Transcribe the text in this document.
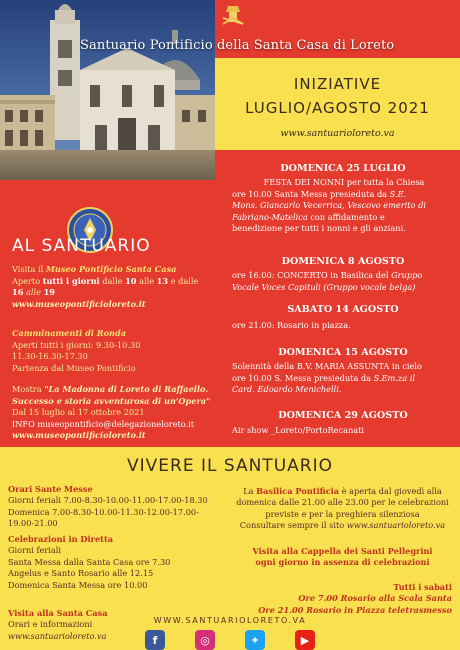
Santuario Pontificio della Santa Casa di Loreto
INIZIATIVE
LUGLIO/AGOSTO 2021
www.santuarioloreto.va
AL SANTUARIO
Visita il Museo Pontificio Santa Casa
Aperto tutti i giorni dalle 10 alle 13 e dalle
16 alle 19
www.museopontificioloreto.it
Camminamenti di Ronda
Aperti tutti i giorni: 9.30-10.30
11.30-16.30-17.30
Partenza dal Museo Pontificio
Mostra "La Madonna di Loreto di Raffaello. Successo e storia avventurosa di un'Opera"
Dal 15 luglio al 17 ottobre 2021
INFO museopontificio@delegazioneloreto.it
www.museopontificioloreto.it
DOMENICA 25 LUGLIO
FESTA DEI NONNI per tutta la Chiesa
ore 10.00 Santa Messa presieduta da S.E.
Mons. Giancarlo Vecerrica, Vescovo emerito di
Fabriano-Matelica con affidamento e
benedizione per tutti i nonni e gli anziani.
DOMENICA 8 AGOSTO
ore 16.00: CONCERTO in Basilica del Gruppo
Vocale Voces Capituli (Gruppo vocale belga)
SABATO 14 AGOSTO
ore 21.00: Rosario in piazza.
DOMENICA 15 AGOSTO
Solennità della B.V. MARIA ASSUNTA in cielo
ore 10.00 S. Messa presieduta da S.Em.za il
Card. Edoardo Menichelli.
DOMENICA 29 AGOSTO
Air show _Loreto/PortoRecanati
VIVERE IL SANTUARIO
Orari Sante Messe
Giorni feriali 7.00-8.30-10.00-11.00-17.00-18.30
Domenica 7.00-8.30-10.00-11.30-12.00-17.00-
19.00-21.00
Celebrazioni in Diretta
Giorni feriali
Santa Messa dalla Santa Casa ore 7.30
Angelus e Santo Rosario alle 12.15
Domenica Santa Messa ore 10.00
Visita alla Santa Casa
Orari e informazioni
www.santuarioloreto.va
La Basilica Pontificia è aperta dal giovedì alla
domenica dalle 21.00 alle 23.00 per le celebrazioni
previste e per la preghiera silenziosa
Consultare sempre il sito www.santuarioloreto.va
Visita alla Cappella dei Santi Pellegrini
ogni giorno in assenza di celebrazioni
Tutti i sabati
Ore 7.00 Rosario alla Scala Santa
Ore 21.00 Rosario in Piazza teletrasmesso
WWW.SANTUARIOLORETO.VA
f	◎	✦	▶
